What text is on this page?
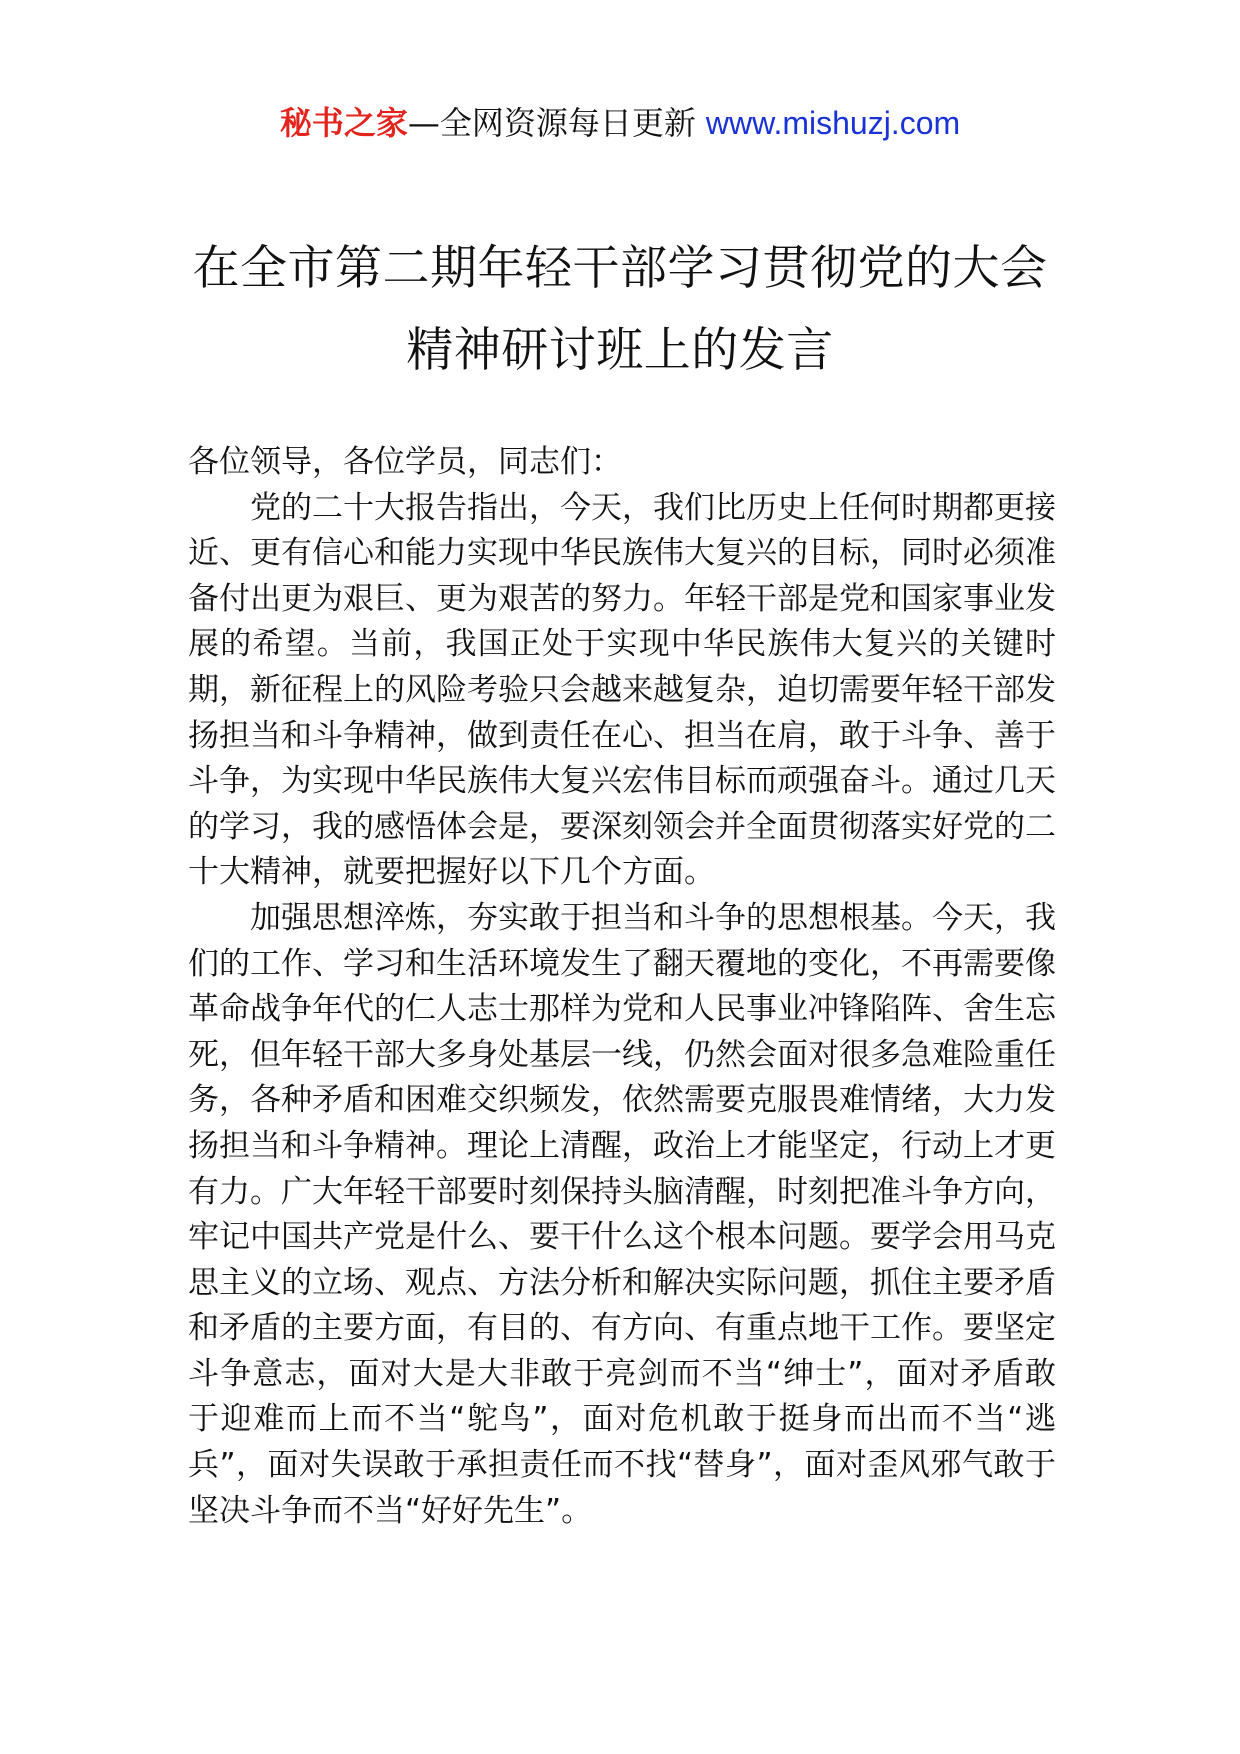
秘书之家—全网资源每日更新 www.mishuzj.com
在全市第二期年轻干部学习贯彻党的大会
精神研讨班上的发言

各位领导，各位学员，同志们：

党的二十大报告指出，今天，我们比历史上任何时期都更接近、更有信心和能力实现中华民族伟大复兴的目标，同时必须准备付出更为艰巨、更为艰苦的努力。年轻干部是党和国家事业发展的希望。当前，我国正处于实现中华民族伟大复兴的关键时期，新征程上的风险考验只会越来越复杂，迫切需要年轻干部发扬担当和斗争精神，做到责任在心、担当在肩，敢于斗争、善于斗争，为实现中华民族伟大复兴宏伟目标而顽强奋斗。通过几天的学习，我的感悟体会是，要深刻领会并全面贯彻落实好党的二十大精神，就要把握好以下几个方面。

加强思想淬炼，夯实敢于担当和斗争的思想根基。今天，我们的工作、学习和生活环境发生了翻天覆地的变化，不再需要像革命战争年代的仁人志士那样为党和人民事业冲锋陷阵、舍生忘死，但年轻干部大多身处基层一线，仍然会面对很多急难险重任务，各种矛盾和困难交织频发，依然需要克服畏难情绪，大力发扬担当和斗争精神。理论上清醒，政治上才能坚定，行动上才更有力。广大年轻干部要时刻保持头脑清醒，时刻把准斗争方向，牢记中国共产党是什么、要干什么这个根本问题。要学会用马克思主义的立场、观点、方法分析和解决实际问题，抓住主要矛盾和矛盾的主要方面，有目的、有方向、有重点地干工作。要坚定斗争意志，面对大是大非敢于亮剑而不当“绅士”，面对矛盾敢于迎难而上而不当“鸵鸟”，面对危机敢于挺身而出而不当“逃兵”，面对失误敢于承担责任而不找“替身”，面对歪风邪气敢于坚决斗争而不当“好好先生”。
